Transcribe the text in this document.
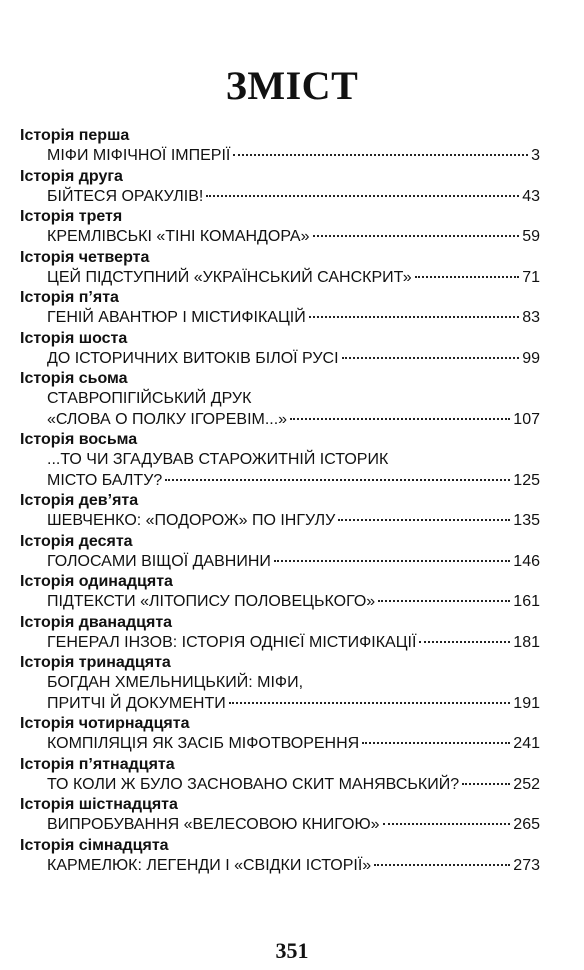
ЗМІСТ
Історія перша
МІФИ МІФІЧНОЇ ІМПЕРІЇ	3
Історія друга
БІЙТЕСЯ ОРАКУЛІВ!	43
Історія третя
КРЕМЛІВСЬКІ «ТІНІ КОМАНДОРА»	59
Історія четверта
ЦЕЙ ПІДСТУПНИЙ «УКРАЇНСЬКИЙ САНСКРИТ»	71
Історія п’ята
ГЕНІЙ АВАНТЮР І МІСТИФІКАЦІЙ	83
Історія шоста
ДО ІСТОРИЧНИХ ВИТОКІВ БІЛОЇ РУСІ	99
Історія сьома
СТАВРОПІГІЙСЬКИЙ ДРУК
«СЛОВА О ПОЛКУ ІГОРЕВІМ...»	107
Історія восьма
...ТО ЧИ ЗГАДУВАВ СТАРОЖИТНІЙ ІСТОРИК
МІСТО БАЛТУ?	125
Історія дев’ята
ШЕВЧЕНКО: «ПОДОРОЖ» ПО ІНГУЛУ	135
Історія десята
ГОЛОСАМИ ВІЩОЇ ДАВНИНИ	146
Історія одинадцята
ПІДТЕКСТИ «ЛІТОПИСУ ПОЛОВЕЦЬКОГО»	161
Історія дванадцята
ГЕНЕРАЛ ІНЗОВ: ІСТОРІЯ ОДНІЄЇ МІСТИФІКАЦІЇ	181
Історія тринадцята
БОГДАН ХМЕЛЬНИЦЬКИЙ: МІФИ,
ПРИТЧІ Й ДОКУМЕНТИ	191
Історія чотирнадцята
КОМПІЛЯЦІЯ ЯК ЗАСІБ МІФОТВОРЕННЯ	241
Історія п’ятнадцята
ТО КОЛИ Ж БУЛО ЗАСНОВАНО СКИТ МАНЯВСЬКИЙ?	252
Історія шістнадцята
ВИПРОБУВАННЯ «ВЕЛЕСОВОЮ КНИГОЮ»	265
Історія сімнадцята
КАРМЕЛЮК: ЛЕГЕНДИ І «СВІДКИ ІСТОРІЇ»	273
351
